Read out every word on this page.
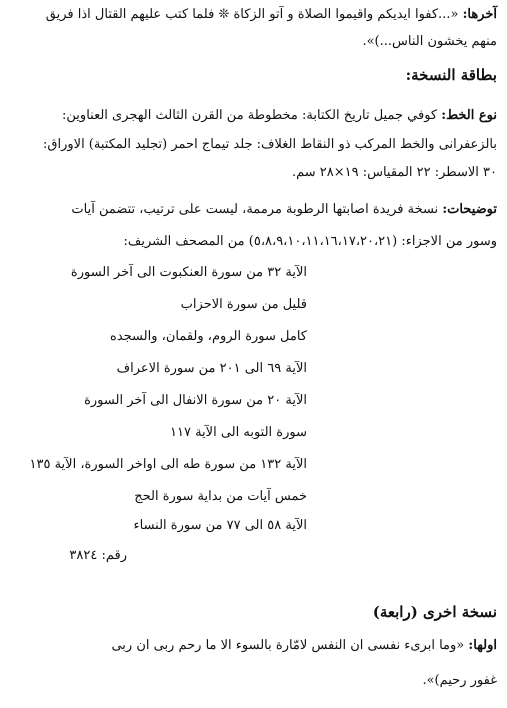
آخرها: «...كفوا ايديكم واقيموا الصلاة و آتو الزكاة ❊ فلما كتب عليهم القتال اذا فريق
منهم يخشون الناس...)».
بطاقة النسخة:
نوع الخط: كوفي جميل تاريخ الكتابة: مخطوطة من القرن الثالث الهجرى العناوين:
بالزعفرانى والخط المركب ذو النقاط الغلاف: جلد تيماج احمر (تجليد المكتبة) الاوراق:
٣٠ الاسطر: ٢٢ المقياس: ١٩×٢٨ سم.
توضيحات: نسخة فريدة اصابتها الرطوبة مرممة، ليست على ترتيب، تتضمن آيات
وسور من الاجزاء: (٥،٨،٩،١٠،١١،١٦،١٧،٢٠،٢١) من المصحف الشريف:
الآية ٣٢ من سورة العنكبوت الى آخر السورة
قليل من سورة الاحزاب
كامل سورة الروم، ولقمان، والسجده
الآية ٦٩ الى ٢٠١ من سورة الاعراف
الآية ٢٠ من سورة الانفال الى آخر السورة
سورة التوبه الى الآية ١١٧
الآية ١٣٢ من سورة طه الى اواخر السورة، الآية ١٣٥
خمس آيات من بداية سورة الحج
الآية ٥٨ الى ٧٧ من سورة النساء
رقم: ٣٨٢٤
نسخة اخرى (رابعة)
اولها: «وما ابرىء نفسى ان النفس لامّارة بالسوء الا ما رحم ربى ان ربى
غفور رحيم)».
